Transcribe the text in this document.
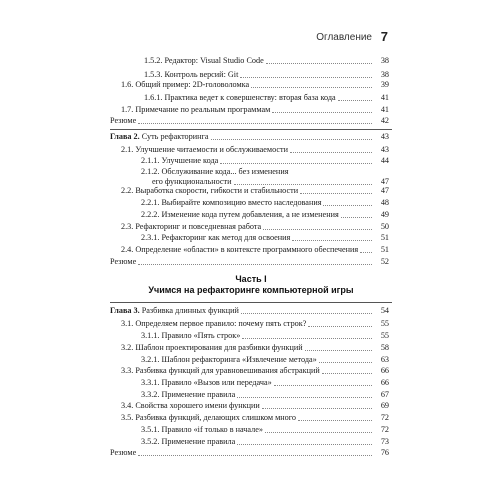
Оглавление 7
1.5.2. Редактор: Visual Studio Code	38
1.5.3. Контроль версий: Git	38
1.6. Общий пример: 2D-головоломка	39
1.6.1. Практика ведет к совершенству: вторая база кода	41
1.7. Примечание по реальным программам	41
Резюме	42
Глава 2. Суть рефакторинга	43
2.1. Улучшение читаемости и обслуживаемости	43
2.1.1. Улучшение кода	44
2.1.2. Обслуживание кода... без изменения
его функциональности	47
2.2. Выработка скорости, гибкости и стабильности	47
2.2.1. Выбирайте композицию вместо наследования	48
2.2.2. Изменение кода путем добавления, а не изменения	49
2.3. Рефакторинг и повседневная работа	50
2.3.1. Рефакторинг как метод для освоения	51
2.4. Определение «области» в контексте программного обеспечения	51
Резюме	52
Глава 3. Разбивка длинных функций	54
3.1. Определяем первое правило: почему пять строк?	55
3.1.1. Правило «Пять строк»	55
3.2. Шаблон проектирования для разбивки функций	58
3.2.1. Шаблон рефакторинга «Извлечение метода»	63
3.3. Разбивка функций для уравновешивания абстракций	66
3.3.1. Правило «Вызов или передача»	66
3.3.2. Применение правила	67
3.4. Свойства хорошего имени функции	69
3.5. Разбивка функций, делающих слишком много	72
3.5.1. Правило «if только в начале»	72
3.5.2. Применение правила	73
Резюме	76
Часть I
Учимся на рефакторинге компьютерной игры
